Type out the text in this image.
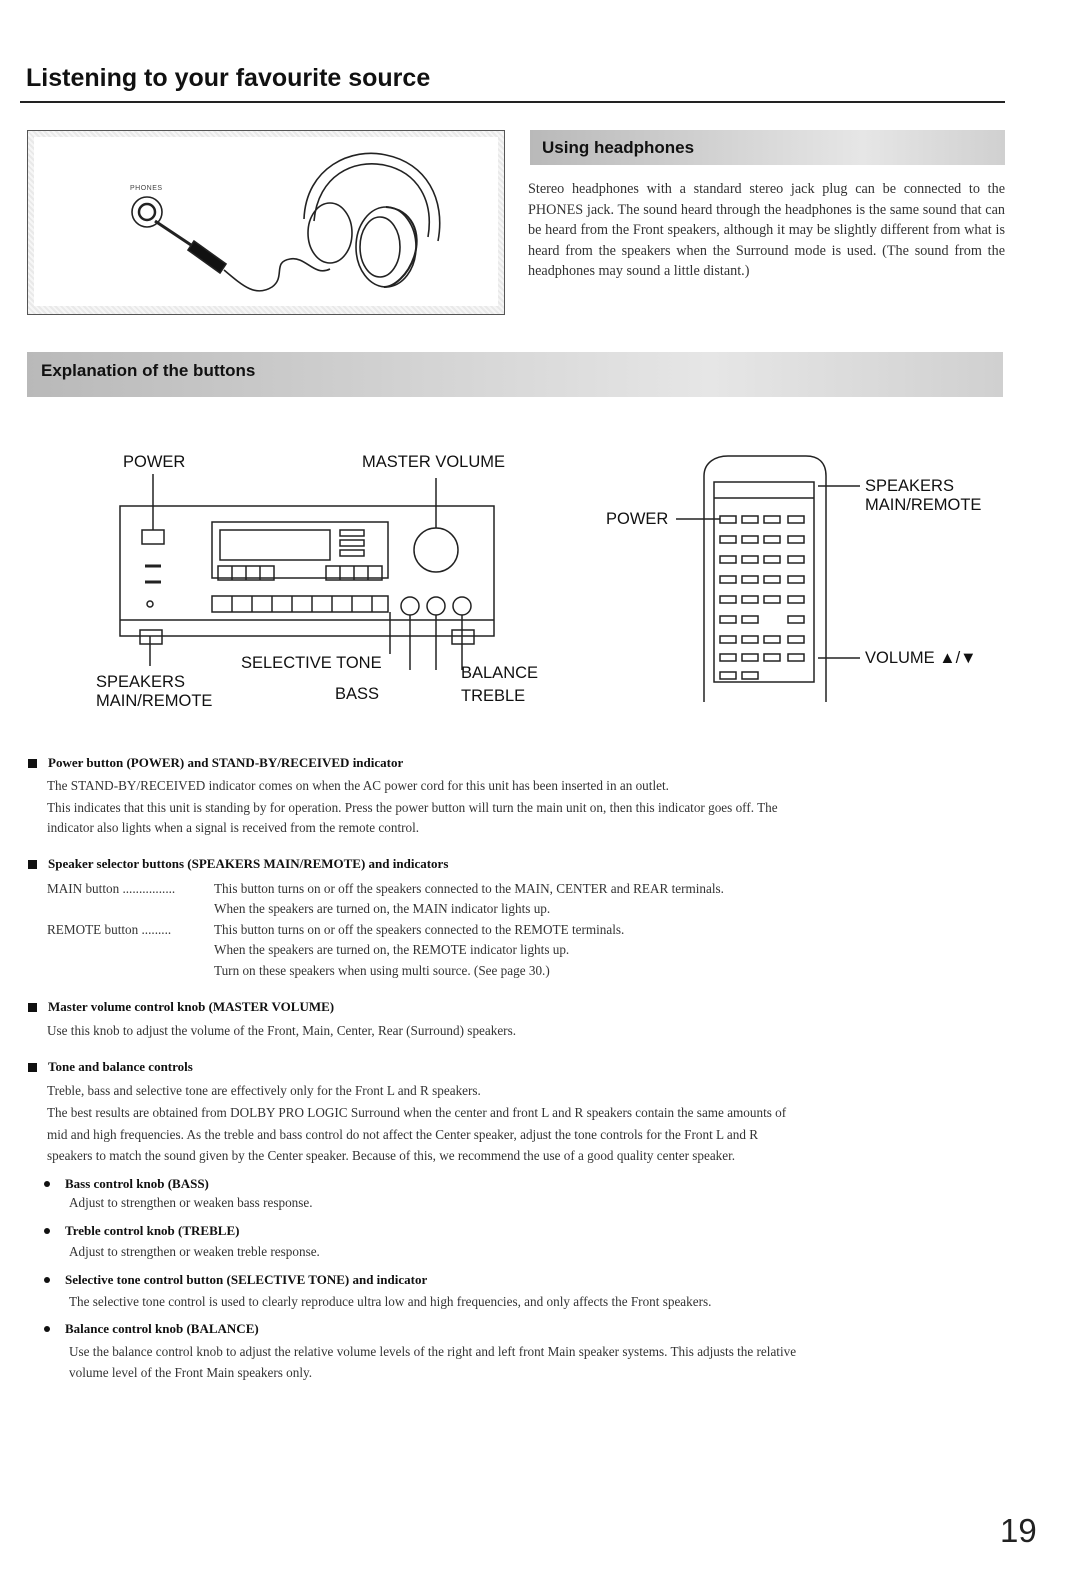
Listening to your favourite source
PHONES
Using headphones
Stereo headphones with a standard stereo jack plug can be connected to the PHONES jack. The sound heard through the headphones is the same sound that can be heard from the Front speakers, although it may be slightly different from what is heard from the speakers when the Surround mode is used. (The sound from the headphones may sound a little distant.)
Explanation of the buttons
POWER	MASTER VOLUME
SPEAKERS
MAIN/REMOTE
SELECTIVE TONE
BALANCE
BASS	TREBLE
POWER
SPEAKERS
MAIN/REMOTE
VOLUME ▲/▼
Power button (POWER) and STAND-BY/RECEIVED indicator
The STAND-BY/RECEIVED indicator comes on when the AC power cord for this unit has been inserted in an outlet.
This indicates that this unit is standing by for operation. Press the power button will turn the main unit on, then this indicator goes off. The
indicator also lights when a signal is received from the remote control.
Speaker selector buttons (SPEAKERS MAIN/REMOTE) and indicators
MAIN button ................	This button turns on or off the speakers connected to the MAIN, CENTER and REAR terminals.
When the speakers are turned on, the MAIN indicator lights up.
REMOTE button .........	This button turns on or off the speakers connected to the REMOTE terminals.
When the speakers are turned on, the REMOTE indicator lights up.
Turn on these speakers when using multi source. (See page 30.)
Master volume control knob (MASTER VOLUME)
Use this knob to adjust the volume of the Front, Main, Center, Rear (Surround) speakers.
Tone and balance controls
Treble, bass and selective tone are effectively only for the Front L and R speakers.
The best results are obtained from DOLBY PRO LOGIC Surround when the center and front L and R speakers contain the same amounts of
mid and high frequencies. As the treble and bass control do not affect the Center speaker, adjust the tone controls for the Front L and R
speakers to match the sound given by the Center speaker. Because of this, we recommend the use of a good quality center speaker.
Bass control knob (BASS)
Adjust to strengthen or weaken bass response.
Treble control knob (TREBLE)
Adjust to strengthen or weaken treble response.
Selective tone control button (SELECTIVE TONE) and indicator
The selective tone control is used to clearly reproduce ultra low and high frequencies, and only affects the Front speakers.
Balance control knob (BALANCE)
Use the balance control knob to adjust the relative volume levels of the right and left front Main speaker systems. This adjusts the relative
volume level of the Front Main speakers only.
19
